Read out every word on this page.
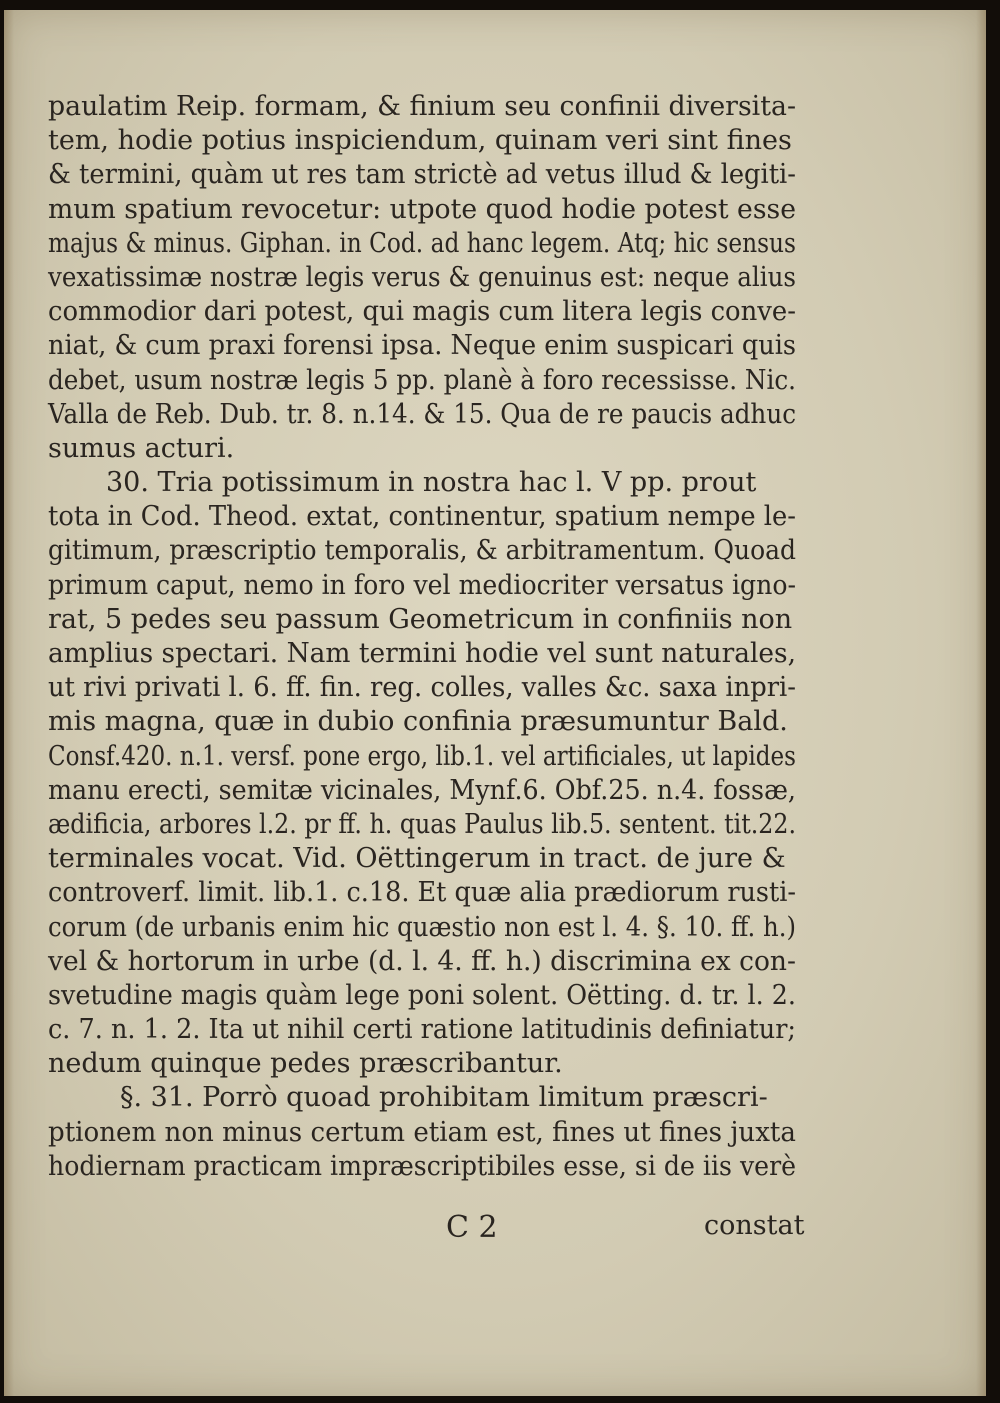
paulatim Reip. formam, & finium seu confinii diversita-
tem, hodie potius inspiciendum, quinam veri sint fines
& termini, quàm ut res tam strictè ad vetus illud & legiti-
mum spatium revocetur: utpote quod hodie potest esse
majus & minus. Giphan. in Cod. ad hanc legem. Atq; hic sensus
vexatissimæ nostræ legis verus & genuinus est: neque alius
commodior dari potest, qui magis cum litera legis conve-
niat, & cum praxi forensi ipsa. Neque enim suspicari quis
debet, usum nostræ legis 5 pp. planè à foro recessisse. Nic.
Valla de Reb. Dub. tr. 8. n.14. & 15. Qua de re paucis adhuc
sumus acturi.
30. Tria potissimum in nostra hac l. V pp. prout
tota in Cod. Theod. extat, continentur, spatium nempe le-
gitimum, præscriptio temporalis, & arbitramentum. Quoad
primum caput, nemo in foro vel mediocriter versatus igno-
rat, 5 pedes seu passum Geometricum in confiniis non
amplius spectari. Nam termini hodie vel sunt naturales,
ut rivi privati l. 6. ff. fin. reg. colles, valles &c. saxa inpri-
mis magna, quæ in dubio confinia præsumuntur Bald.
Consf.420. n.1. versf. pone ergo, lib.1. vel artificiales, ut lapides
manu erecti, semitæ vicinales, Mynf.6. Obf.25. n.4. fossæ,
ædificia, arbores l.2. pr ff. h. quas Paulus lib.5. sentent. tit.22.
terminales vocat. Vid. Oëttingerum in tract. de jure &
controverf. limit. lib.1. c.18. Et quæ alia prædiorum rusti-
corum (de urbanis enim hic quæstio non est l. 4. §. 10. ff. h.)
vel & hortorum in urbe (d. l. 4. ff. h.) discrimina ex con-
svetudine magis quàm lege poni solent. Oëtting. d. tr. l. 2.
c. 7. n. 1. 2. Ita ut nihil certi ratione latitudinis definiatur;
nedum quinque pedes præscribantur.
§. 31. Porrò quoad prohibitam limitum præscri-
ptionem non minus certum etiam est, fines ut fines juxta
hodiernam practicam impræscriptibiles esse, si de iis verè
C 2	constat
